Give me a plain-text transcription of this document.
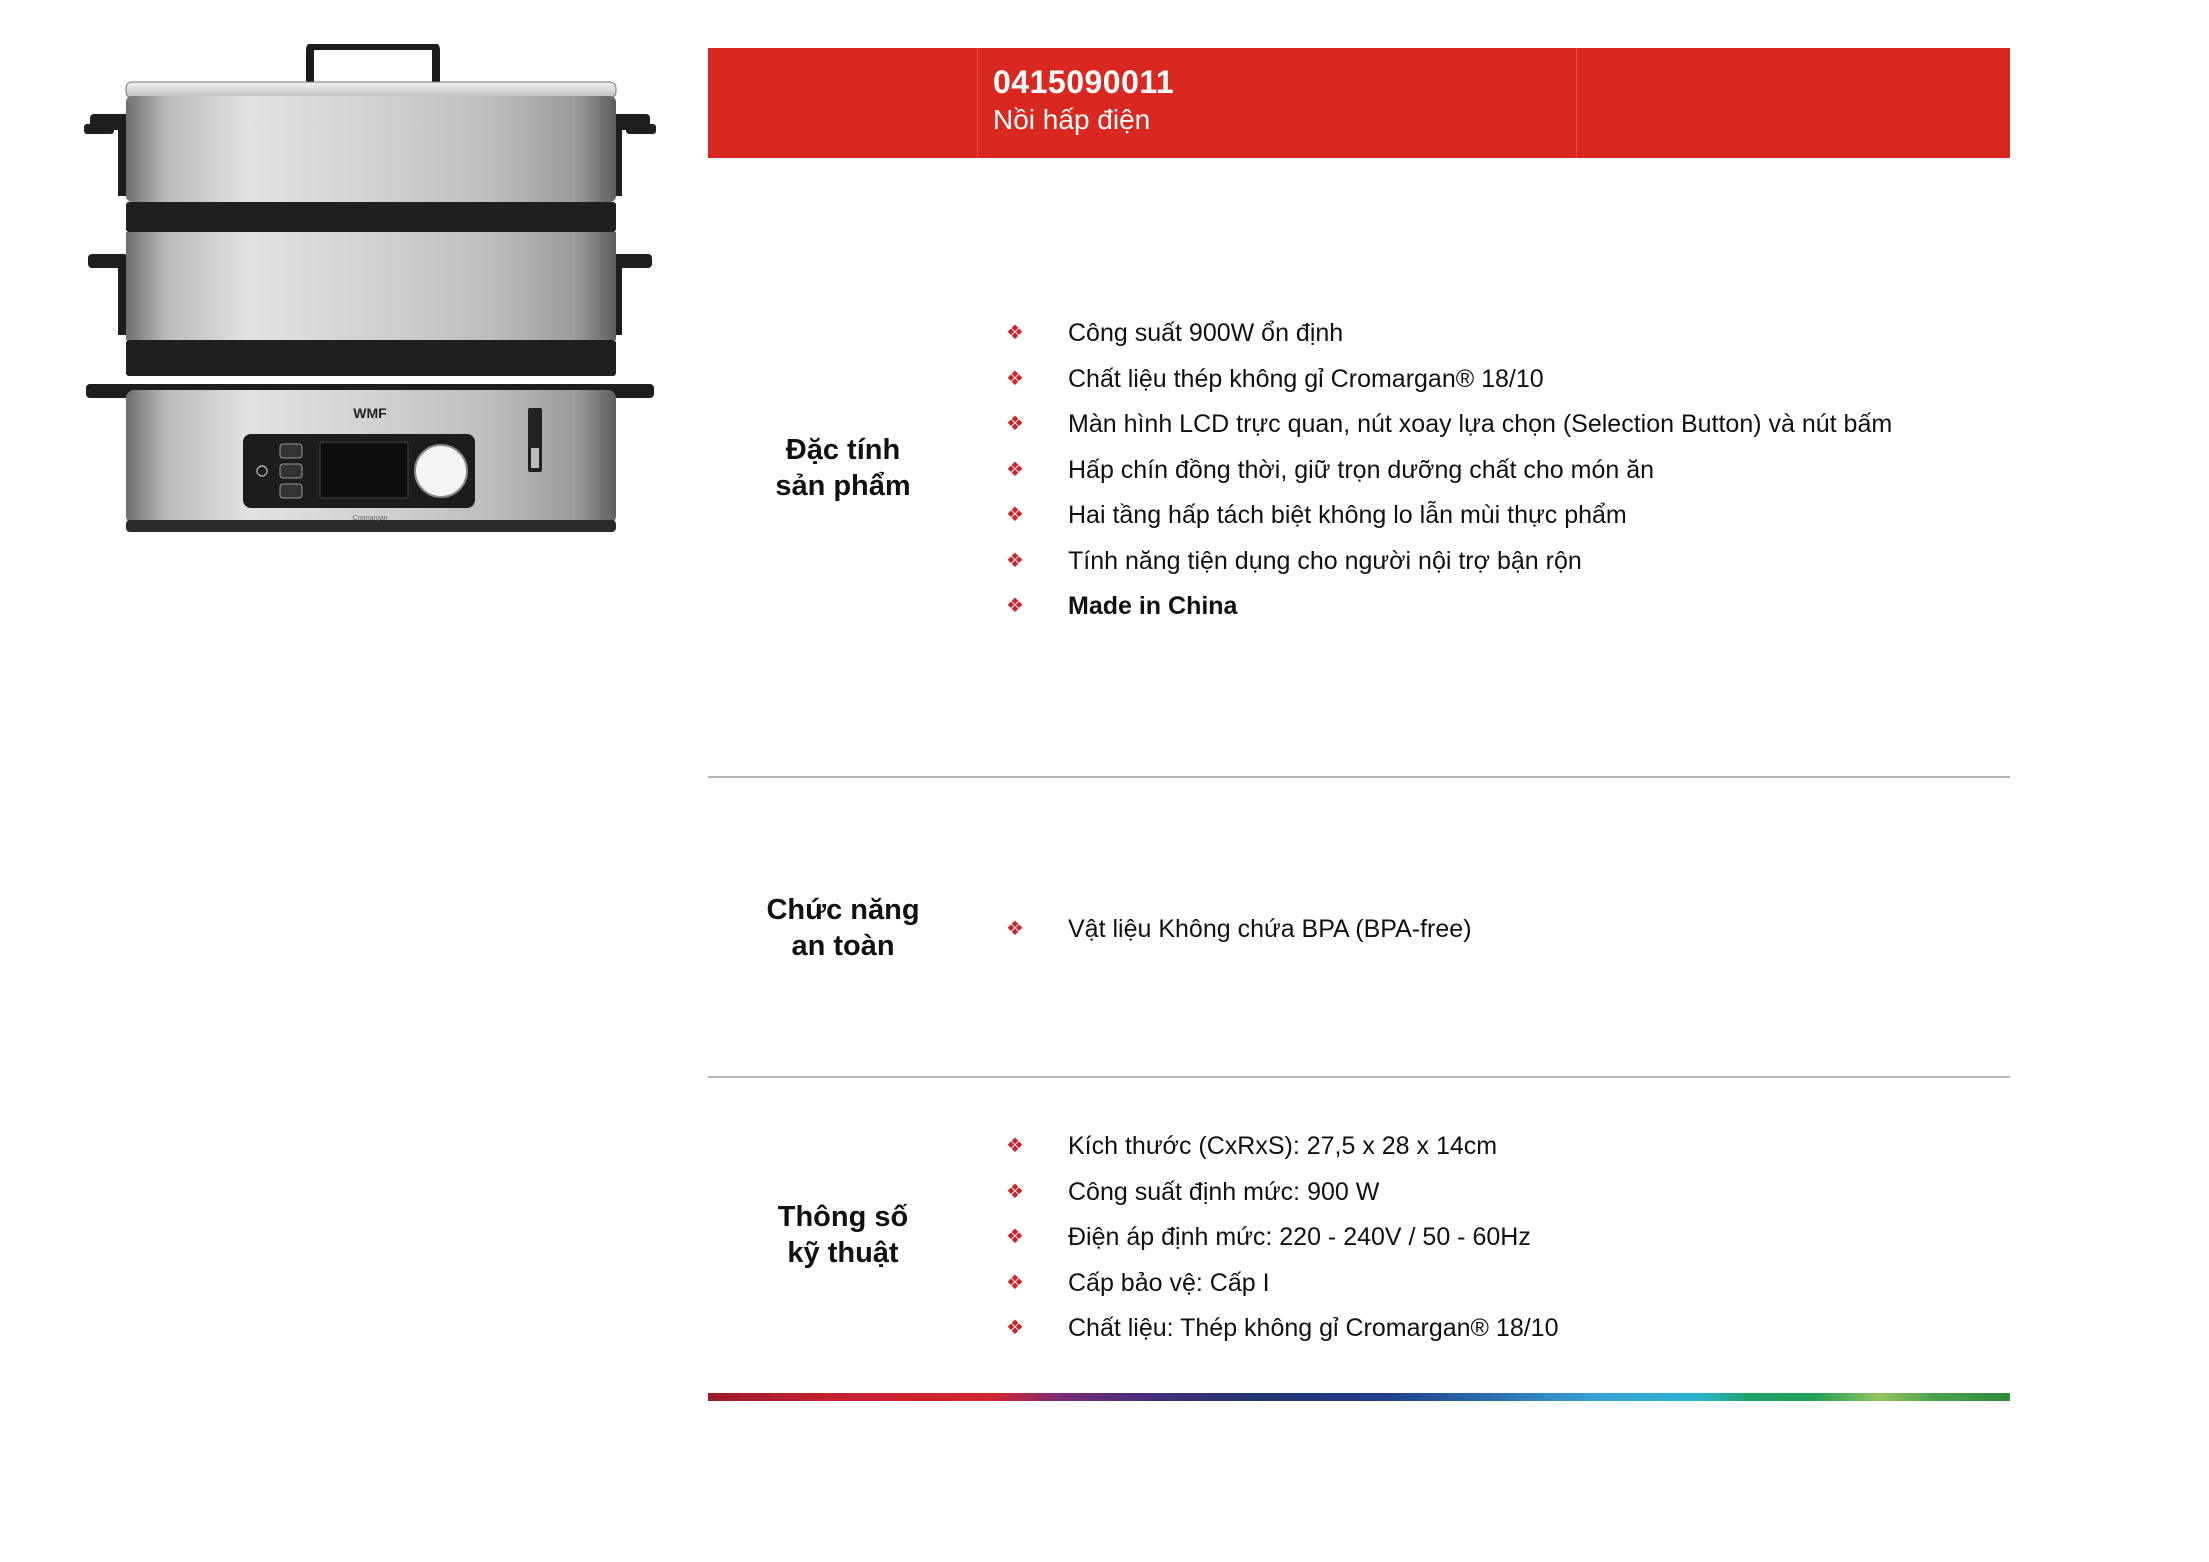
WMF
Cromargan
0415090011
Nồi hấp điện
Đặc tính
sản phẩm
❖ Công suất 900W ổn định
❖ Chất liệu thép không gỉ Cromargan® 18/10
❖ Màn hình LCD trực quan, nút xoay lựa chọn (Selection Button) và nút bấm
❖ Hấp chín đồng thời, giữ trọn dưỡng chất cho món ăn
❖ Hai tầng hấp tách biệt không lo lẫn mùi thực phẩm
❖ Tính năng tiện dụng cho người nội trợ bận rộn
❖ Made in China
Chức năng
an toàn
❖ Vật liệu Không chứa BPA (BPA-free)
Thông số
kỹ thuật
❖ Kích thước (CxRxS): 27,5 x 28 x 14cm
❖ Công suất định mức: 900 W
❖ Điện áp định mức: 220 - 240V / 50 - 60Hz
❖ Cấp bảo vệ: Cấp I
❖ Chất liệu: Thép không gỉ Cromargan® 18/10
